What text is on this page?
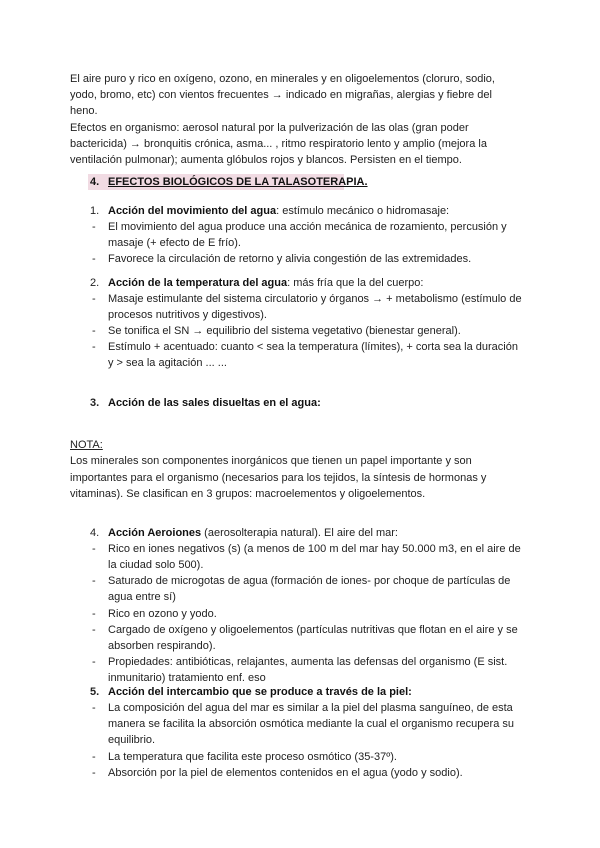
El aire puro y rico en oxígeno, ozono, en minerales y en oligoelementos (cloruro, sodio,
yodo, bromo, etc) con vientos frecuentes → indicado en migrañas, alergias y fiebre del
heno.
Efectos en organismo: aerosol natural por la pulverización de las olas (gran poder
bactericida) → bronquitis crónica, asma... , ritmo respiratorio lento y amplio (mejora la
ventilación pulmonar); aumenta glóbulos rojos y blancos. Persisten en el tiempo.
4. EFECTOS BIOLÓGICOS DE LA TALASOTERAPIA.
1. Acción del movimiento del agua: estímulo mecánico o hidromasaje:
- El movimiento del agua produce una acción mecánica de rozamiento, percusión y
masaje (+ efecto de E frío).
- Favorece la circulación de retorno y alivia congestión de las extremidades.
2. Acción de la temperatura del agua: más fría que la del cuerpo:
- Masaje estimulante del sistema circulatorio y órganos → + metabolismo (estímulo de
procesos nutritivos y digestivos).
- Se tonifica el SN → equilibrio del sistema vegetativo (bienestar general).
- Estímulo + acentuado: cuanto < sea la temperatura (límites), + corta sea la duración
y > sea la agitación ... ...
3. Acción de las sales disueltas en el agua:
NOTA:
Los minerales son componentes inorgánicos que tienen un papel importante y son
importantes para el organismo (necesarios para los tejidos, la síntesis de hormonas y
vitaminas). Se clasifican en 3 grupos: macroelementos y oligoelementos.
4. Acción Aeroiones (aerosolterapia natural). El aire del mar:
- Rico en iones negativos (s) (a menos de 100 m del mar hay 50.000 m3, en el aire de
la ciudad solo 500).
- Saturado de microgotas de agua (formación de iones- por choque de partículas de
agua entre sí)
- Rico en ozono y yodo.
- Cargado de oxígeno y oligoelementos (partículas nutritivas que flotan en el aire y se
absorben respirando).
- Propiedades: antibióticas, relajantes, aumenta las defensas del organismo (E sist.
inmunitario) tratamiento enf. eso
5. Acción del intercambio que se produce a través de la piel:
- La composición del agua del mar es similar a la piel del plasma sanguíneo, de esta
manera se facilita la absorción osmótica mediante la cual el organismo recupera su
equilibrio.
- La temperatura que facilita este proceso osmótico (35-37º).
- Absorción por la piel de elementos contenidos en el agua (yodo y sodio).
